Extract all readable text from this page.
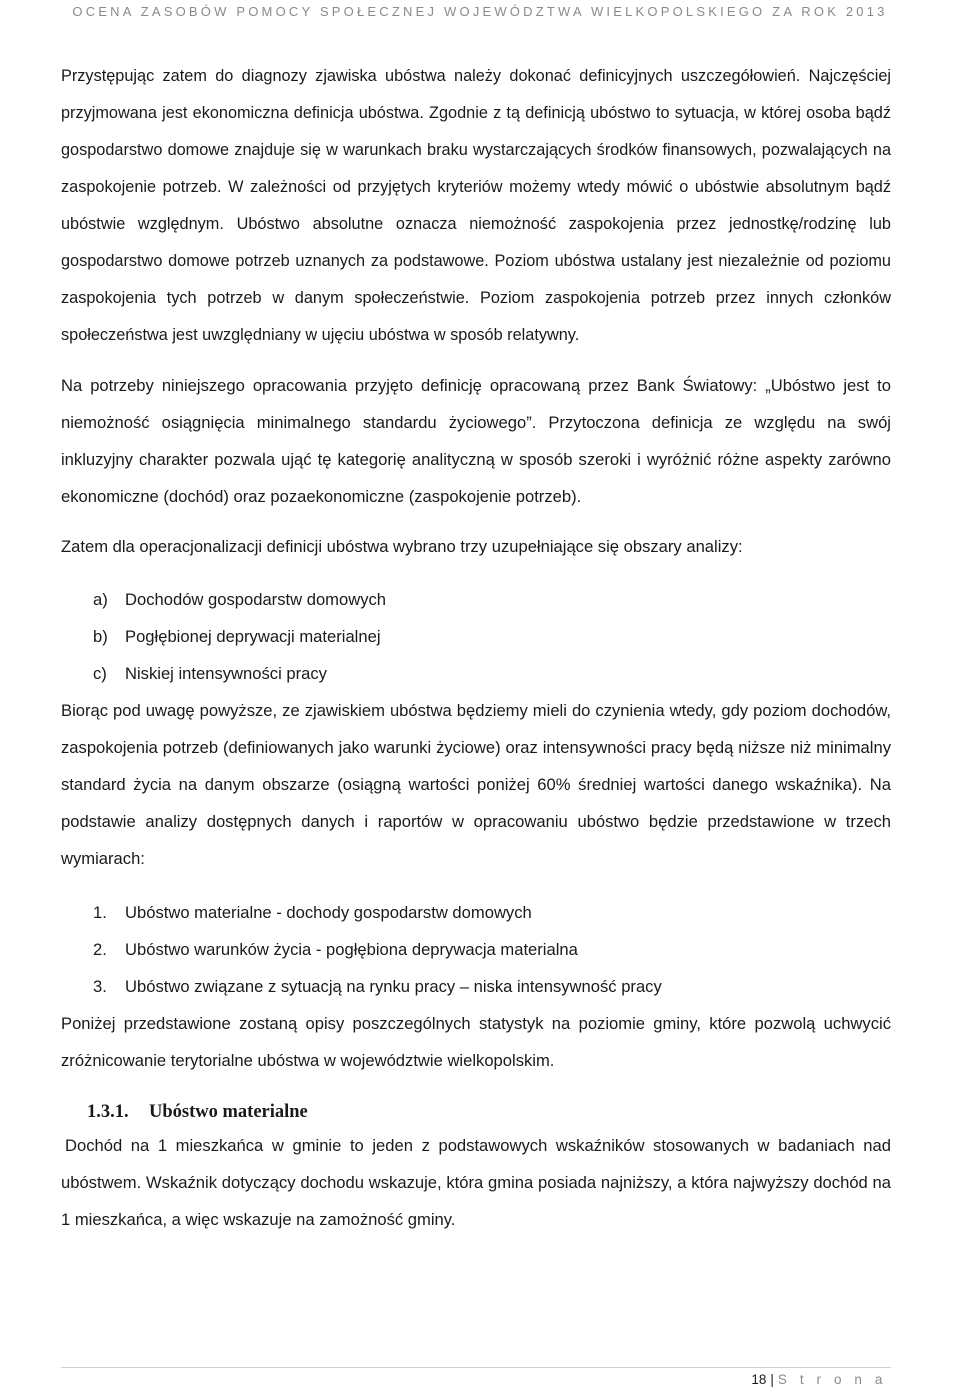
OCENA ZASOBÓW POMOCY SPOŁECZNEJ WOJEWÓDZTWA WIELKOPOLSKIEGO ZA ROK 2013

Przystępując zatem do diagnozy zjawiska ubóstwa należy dokonać definicyjnych uszczegółowień. Najczęściej przyjmowana jest ekonomiczna definicja ubóstwa. Zgodnie z tą definicją ubóstwo to sytuacja, w której osoba bądź gospodarstwo domowe znajduje się w warunkach braku wystarczających środków finansowych, pozwalających na zaspokojenie potrzeb. W zależności od przyjętych kryteriów możemy wtedy mówić o ubóstwie absolutnym bądź ubóstwie względnym. Ubóstwo absolutne oznacza niemożność zaspokojenia przez jednostkę/rodzinę lub gospodarstwo domowe potrzeb uznanych za podstawowe. Poziom ubóstwa ustalany jest niezależnie od poziomu zaspokojenia tych potrzeb w danym społeczeństwie. Poziom zaspokojenia potrzeb przez innych członków społeczeństwa jest uwzględniany w ujęciu ubóstwa w sposób relatywny.

Na potrzeby niniejszego opracowania przyjęto definicję opracowaną przez Bank Światowy: „Ubóstwo jest to niemożność osiągnięcia minimalnego standardu życiowego”. Przytoczona definicja ze względu na swój inkluzyjny charakter pozwala ująć tę kategorię analityczną w sposób szeroki i wyróżnić różne aspekty zarówno ekonomiczne (dochód) oraz pozaekonomiczne (zaspokojenie potrzeb).

Zatem dla operacjonalizacji definicji ubóstwa wybrano trzy uzupełniające się obszary analizy:

a)	Dochodów gospodarstw domowych
b)	Pogłębionej deprywacji materialnej
c)	Niskiej intensywności pracy

Biorąc pod uwagę powyższe, ze zjawiskiem ubóstwa będziemy mieli do czynienia wtedy, gdy poziom dochodów, zaspokojenia potrzeb (definiowanych jako warunki życiowe) oraz intensywności pracy będą niższe niż minimalny standard życia na danym obszarze (osiągną wartości poniżej 60% średniej wartości danego wskaźnika). Na podstawie analizy dostępnych danych i raportów w opracowaniu ubóstwo będzie przedstawione w trzech wymiarach:

1.	Ubóstwo materialne - dochody gospodarstw domowych
2.	Ubóstwo warunków życia - pogłębiona deprywacja materialna
3.	Ubóstwo związane z sytuacją na rynku pracy – niska intensywność pracy

Poniżej przedstawione zostaną opisy poszczególnych statystyk na poziomie gminy, które pozwolą uchwycić zróżnicowanie terytorialne ubóstwa w województwie wielkopolskim.

1.3.1. Ubóstwo materialne

Dochód na 1 mieszkańca w gminie to jeden z podstawowych wskaźników stosowanych w badaniach nad ubóstwem. Wskaźnik dotyczący dochodu wskazuje, która gmina posiada najniższy, a która najwyższy dochód na 1 mieszkańca, a więc wskazuje na zamożność gminy.

18 | S t r o n a
